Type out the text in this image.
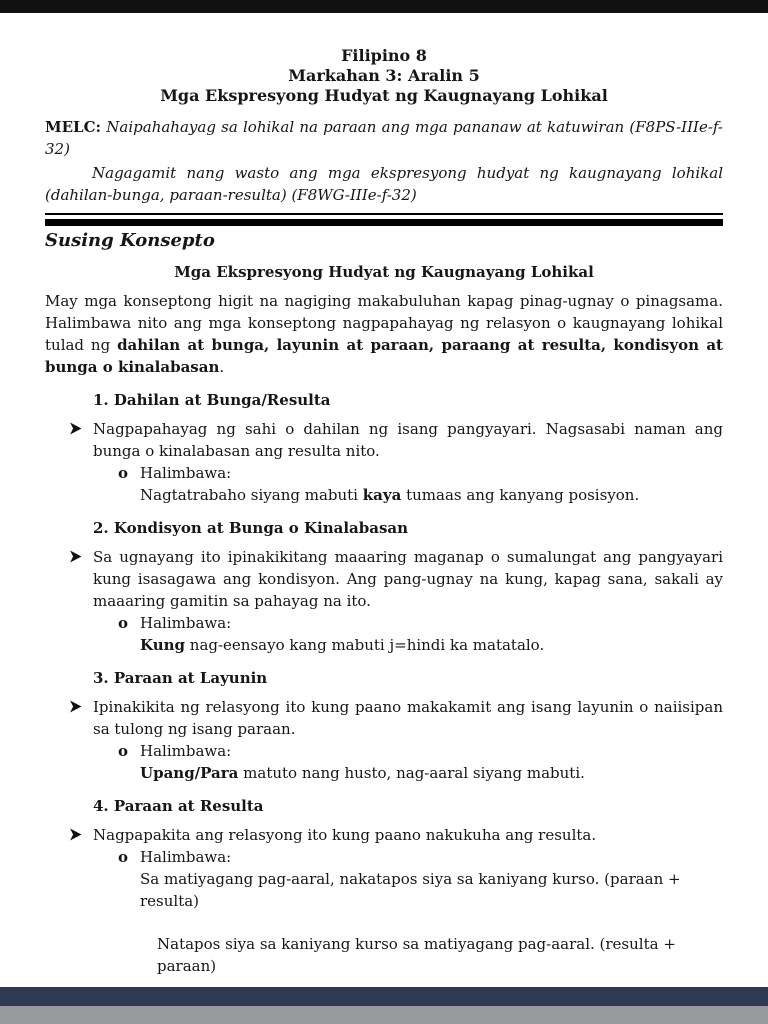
Filipino 8
Markahan 3: Aralin 5
Mga Ekspresyong Hudyat ng Kaugnayang Lohikal
MELC: Naipahahayag sa lohikal na paraan ang mga pananaw at katuwiran (F8PS-IIIe-f-32)
Nagagamit nang wasto ang mga ekspresyong hudyat ng kaugnayang lohikal (dahilan-bunga, paraan-resulta) (F8WG-IIIe-f-32)
Susing Konsepto
Mga Ekspresyong Hudyat ng Kaugnayang Lohikal
May mga konseptong higit na nagiging makabuluhan kapag pinag-ugnay o pinagsama. Halimbawa nito ang mga konseptong nagpapahayag ng relasyon o kaugnayang lohikal tulad ng dahilan at bunga, layunin at paraan, paraang at resulta, kondisyon at bunga o kinalabasan.
1. Dahilan at Bunga/Resulta
Nagpapahayag ng sahi o dahilan ng isang pangyayari. Nagsasabi naman ang bunga o kinalabasan ang resulta nito.
o Halimbawa:
Nagtatrabaho siyang mabuti kaya tumaas ang kanyang posisyon.
2. Kondisyon at Bunga o Kinalabasan
Sa ugnayang ito ipinakikitang maaaring maganap o sumalungat ang pangyayari kung isasagawa ang kondisyon. Ang pang-ugnay na kung, kapag sana, sakali ay maaaring gamitin sa pahayag na ito.
o Halimbawa:
Kung nag-eensayo kang mabuti j=hindi ka matatalo.
3. Paraan at Layunin
Ipinakikita ng relasyong ito kung paano makakamit ang isang layunin o naiisipan sa tulong ng isang paraan.
o Halimbawa:
Upang/Para matuto nang husto, nag-aaral siyang mabuti.
4. Paraan at Resulta
Nagpapakita ang relasyong ito kung paano nakukuha ang resulta.
o Halimbawa:
Sa matiyagang pag-aaral, nakatapos siya sa kaniyang kurso. (paraan + resulta)
Natapos siya sa kaniyang kurso sa matiyagang pag-aaral. (resulta + paraan)
